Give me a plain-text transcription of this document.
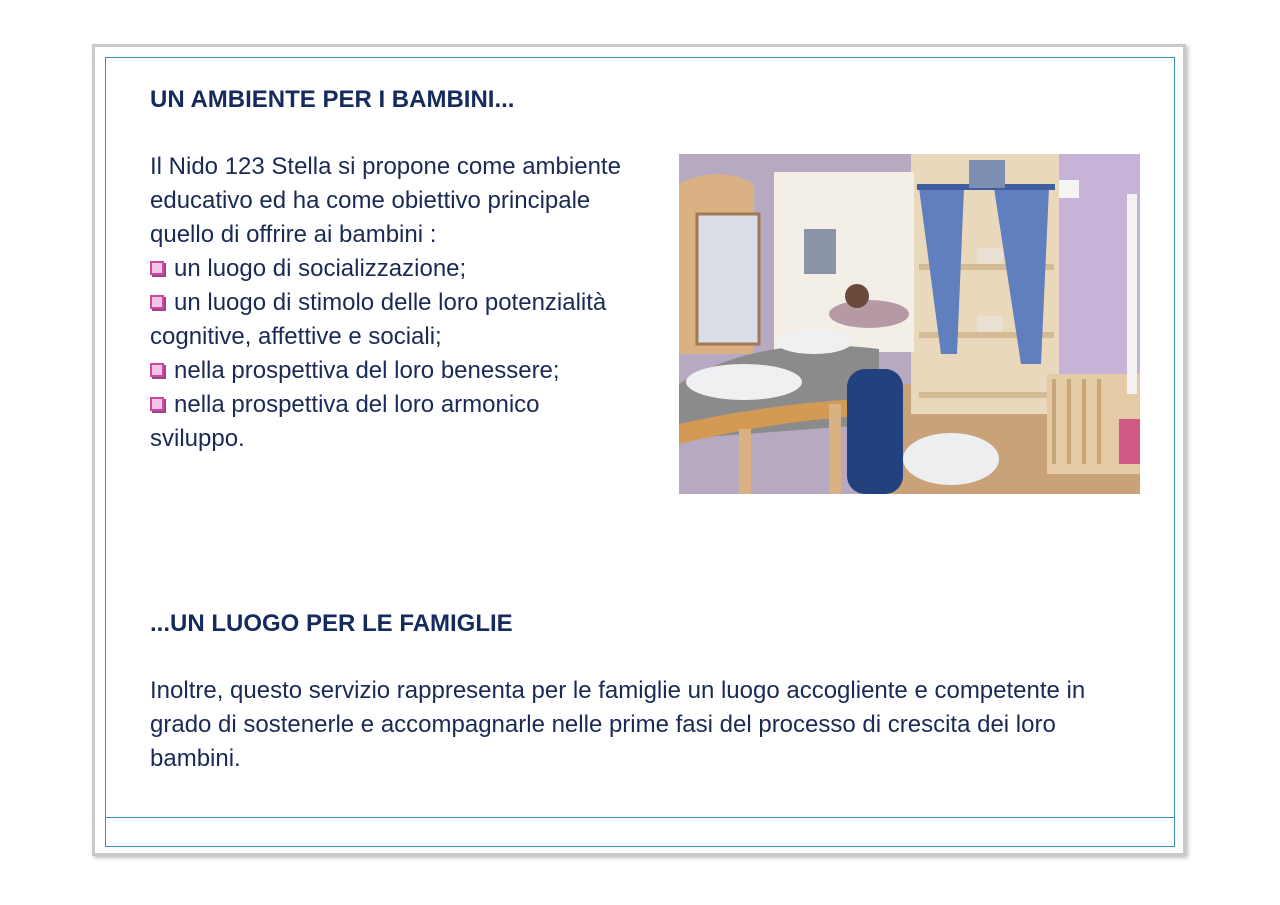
UN AMBIENTE PER I BAMBINI...

Il Nido 123 Stella si propone come ambiente educativo ed ha come obiettivo principale quello di offrire ai bambini :

un luogo di socializzazione;
un luogo di stimolo delle loro potenzialità cognitive, affettive e sociali;
nella prospettiva del loro benessere;
nella prospettiva del loro armonico sviluppo.
...UN LUOGO PER LE FAMIGLIE

Inoltre, questo servizio rappresenta per le famiglie un luogo accogliente e competente in grado di sostenerle e accompagnarle nelle prime fasi del processo di crescita dei loro bambini.
